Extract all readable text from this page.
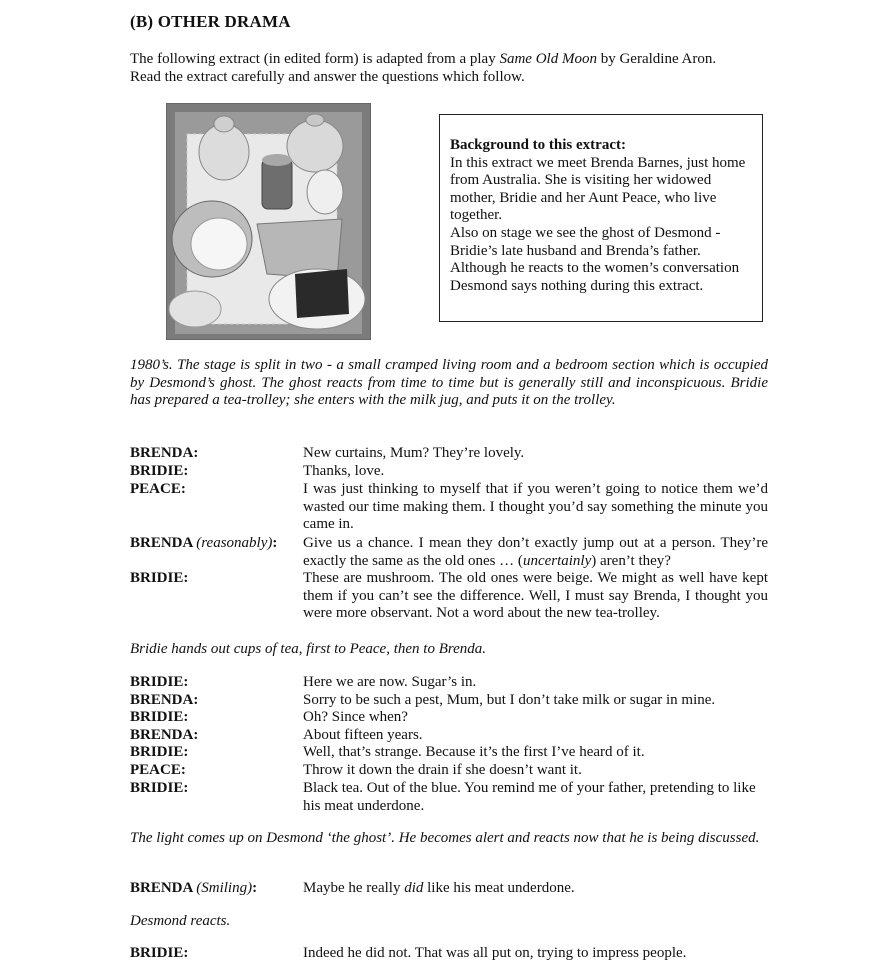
(B) OTHER DRAMA
The following extract (in edited form) is adapted from a play Same Old Moon by Geraldine Aron.
Read the extract carefully and answer the questions which follow.
Background to this extract:
In this extract we meet Brenda Barnes, just home
from Australia. She is visiting her widowed
mother, Bridie and her Aunt Peace, who live
together.
Also on stage we see the ghost of Desmond -
Bridie’s late husband and Brenda’s father.
Although he reacts to the women’s conversation
Desmond says nothing during this extract.
1980’s. The stage is split in two - a small cramped living room and a bedroom section which is occupied by Desmond’s ghost. The ghost reacts from time to time but is generally still and inconspicuous. Bridie has prepared a tea-trolley; she enters with the milk jug, and puts it on the trolley.
BRENDA:	New curtains, Mum? They’re lovely.
BRIDIE:	Thanks, love.
PEACE:	I was just thinking to myself that if you weren’t going to notice them we’d wasted our time making them. I thought you’d say something the minute you came in.
BRENDA (reasonably): Give us a chance. I mean they don’t exactly jump out at a person. They’re exactly the same as the old ones … (uncertainly) aren’t they?
BRIDIE:	These are mushroom. The old ones were beige. We might as well have kept them if you can’t see the difference. Well, I must say Brenda, I thought you were more observant. Not a word about the new tea-trolley.
Bridie hands out cups of tea, first to Peace, then to Brenda.
BRIDIE:	Here we are now. Sugar’s in.
BRENDA:	Sorry to be such a pest, Mum, but I don’t take milk or sugar in mine.
BRIDIE:	Oh? Since when?
BRENDA:	About fifteen years.
BRIDIE:	Well, that’s strange. Because it’s the first I’ve heard of it.
PEACE:	Throw it down the drain if she doesn’t want it.
BRIDIE:	Black tea. Out of the blue. You remind me of your father, pretending to like his meat underdone.
The light comes up on Desmond ‘the ghost’. He becomes alert and reacts now that he is being discussed.
BRENDA (Smiling):	Maybe he really did like his meat underdone.
Desmond reacts.
BRIDIE:	Indeed he did not. That was all put on, trying to impress people.
